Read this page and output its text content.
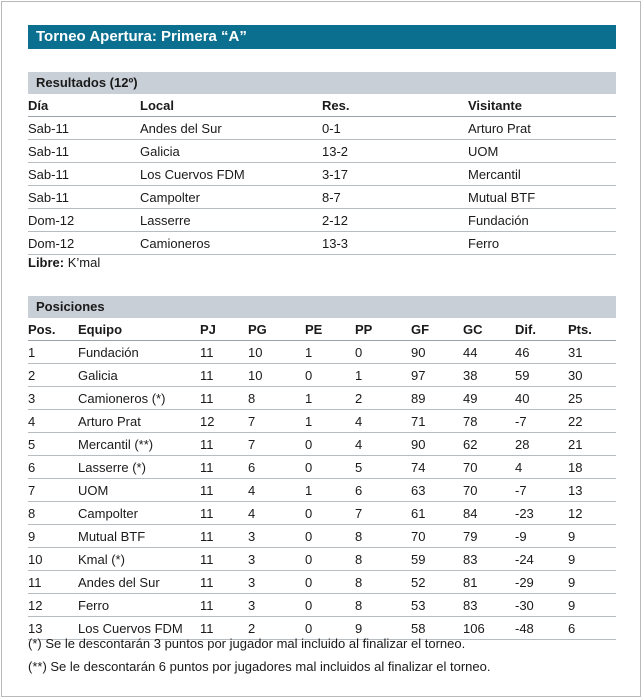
Torneo Apertura: Primera “A”
Resultados (12º)
Día	Local	Res.	Visitante
Sab-11	Andes del Sur	0-1	Arturo Prat
Sab-11	Galicia	13-2	UOM
Sab-11	Los Cuervos FDM	3-17	Mercantil
Sab-11	Campolter	8-7	Mutual BTF
Dom-12	Lasserre	2-12	Fundación
Dom-12	Camioneros	13-3	Ferro
Libre: K’mal
Posiciones
Pos.	Equipo	PJ	PG	PE	PP	GF	GC	Dif.	Pts.
1	Fundación	11	10	1	0	90	44	46	31
2	Galicia	11	10	0	1	97	38	59	30
3	Camioneros (*)	11	8	1	2	89	49	40	25
4	Arturo Prat	12	7	1	4	71	78	-7	22
5	Mercantil (**)	11	7	0	4	90	62	28	21
6	Lasserre (*)	11	6	0	5	74	70	4	18
7	UOM	11	4	1	6	63	70	-7	13
8	Campolter	11	4	0	7	61	84	-23	12
9	Mutual BTF	11	3	0	8	70	79	-9	9
10	Kmal (*)	11	3	0	8	59	83	-24	9
11	Andes del Sur	11	3	0	8	52	81	-29	9
12	Ferro	11	3	0	8	53	83	-30	9
13	Los Cuervos FDM	11	2	0	9	58	106	-48	6
(*) Se le descontarán 3 puntos por jugador mal incluido al finalizar el torneo.
(**) Se le descontarán 6 puntos por jugadores mal incluidos al finalizar el torneo.
